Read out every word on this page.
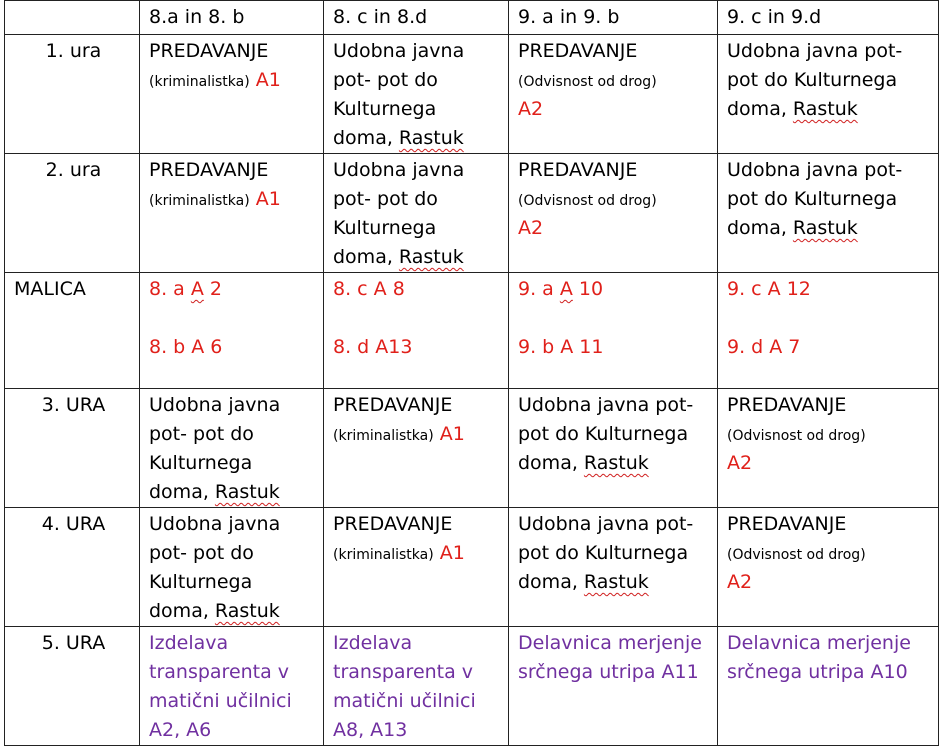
	8.a in 8. b	8. c in 8.d	9. a in 9. b	9. c in 9.d
1. ura	PREDAVANJE
(kriminalistka) A1	Udobna javna
pot- pot do
Kulturnega
doma, Rastuk	PREDAVANJE
(Odvisnost od drog)
A2	Udobna javna pot-
pot do Kulturnega
doma, Rastuk
2. ura	PREDAVANJE
(kriminalistka) A1	Udobna javna
pot- pot do
Kulturnega
doma, Rastuk	PREDAVANJE
(Odvisnost od drog)
A2	Udobna javna pot-
pot do Kulturnega
doma, Rastuk
MALICA	8. a A 2
8. b A 6	8. c A 8
8. d A13	9. a A 10
9. b A 11	9. c A 12
9. d A 7

3. URA	Udobna javna
pot- pot do
Kulturnega
doma, Rastuk	PREDAVANJE
(kriminalistka) A1	Udobna javna pot-
pot do Kulturnega
doma, Rastuk	PREDAVANJE
(Odvisnost od drog)
A2

4. URA	Udobna javna
pot- pot do
Kulturnega
doma, Rastuk	PREDAVANJE
(kriminalistka) A1	Udobna javna pot-
pot do Kulturnega
doma, Rastuk	PREDAVANJE
(Odvisnost od drog)
A2

5. URA	Izdelava
transparenta v
matični učilnici
A2, A6	Izdelava
transparenta v
matični učilnici
A8, A13	Delavnica merjenje
srčnega utripa A11	Delavnica merjenje
srčnega utripa A10
